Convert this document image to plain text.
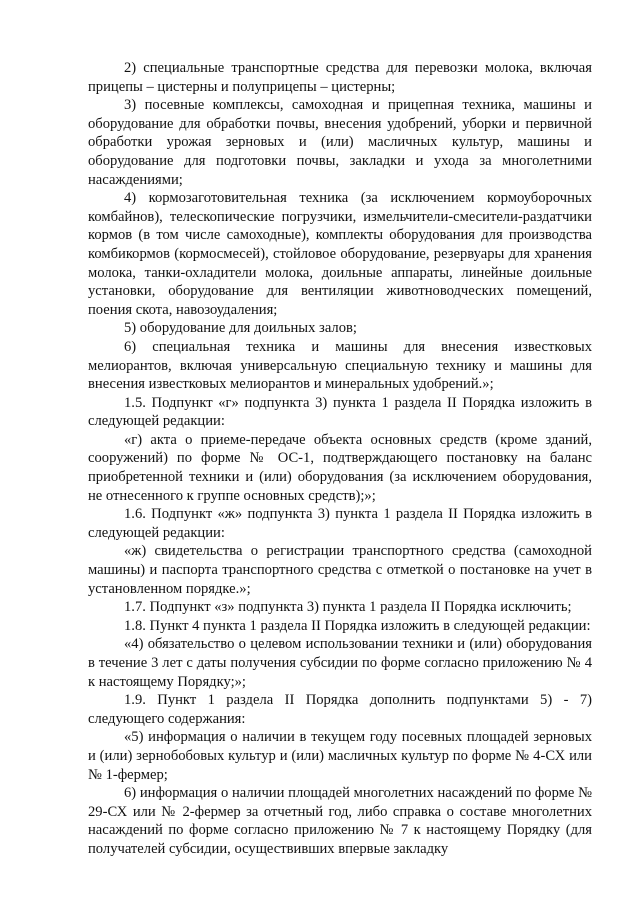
2) специальные транспортные средства для перевозки молока, включая прицепы – цистерны и полуприцепы – цистерны;

3) посевные комплексы, самоходная и прицепная техника, машины и оборудование для обработки почвы, внесения удобрений, уборки и первичной обработки урожая зерновых и (или) масличных культур, машины и оборудование для подготовки почвы, закладки и ухода за многолетними насаждениями;

4) кормозаготовительная техника (за исключением кормоуборочных комбайнов), телескопические погрузчики, измельчители-смесители-раздатчики кормов (в том числе самоходные), комплекты оборудования для производства комбикормов (кормосмесей), стойловое оборудование, резервуары для хранения молока, танки-охладители молока, доильные аппараты, линейные доильные установки, оборудование для вентиляции животноводческих помещений, поения скота, навозоудаления;

5) оборудование для доильных залов;

6) специальная техника и машины для внесения известковых мелиорантов, включая универсальную специальную технику и машины для внесения известковых мелиорантов и минеральных удобрений.»;

1.5. Подпункт «г» подпункта 3) пункта 1 раздела II Порядка изложить в следующей редакции:

«г) акта о приеме-передаче объекта основных средств (кроме зданий, сооружений) по форме № ОС-1, подтверждающего постановку на баланс приобретенной техники и (или) оборудования (за исключением оборудования, не отнесенного к группе основных средств);»;

1.6. Подпункт «ж» подпункта 3) пункта 1 раздела II Порядка изложить в следующей редакции:

«ж) свидетельства о регистрации транспортного средства (самоходной машины) и паспорта транспортного средства с отметкой о постановке на учет в установленном порядке.»;

1.7. Подпункт «з» подпункта 3) пункта 1 раздела II Порядка исключить;

1.8. Пункт 4 пункта 1 раздела II Порядка изложить в следующей редакции:

«4) обязательство о целевом использовании техники и (или) оборудования в течение 3 лет с даты получения субсидии по форме согласно приложению № 4 к настоящему Порядку;»;

1.9. Пункт 1 раздела II Порядка дополнить подпунктами 5) - 7) следующего содержания:

«5) информация о наличии в текущем году посевных площадей зерновых и (или) зернобобовых культур и (или) масличных культур по форме № 4-СХ или № 1-фермер;

6) информация о наличии площадей многолетних насаждений по форме № 29-СХ или № 2-фермер за отчетный год, либо справка о составе многолетних насаждений по форме согласно приложению № 7 к настоящему Порядку (для получателей субсидии, осуществивших впервые закладку
